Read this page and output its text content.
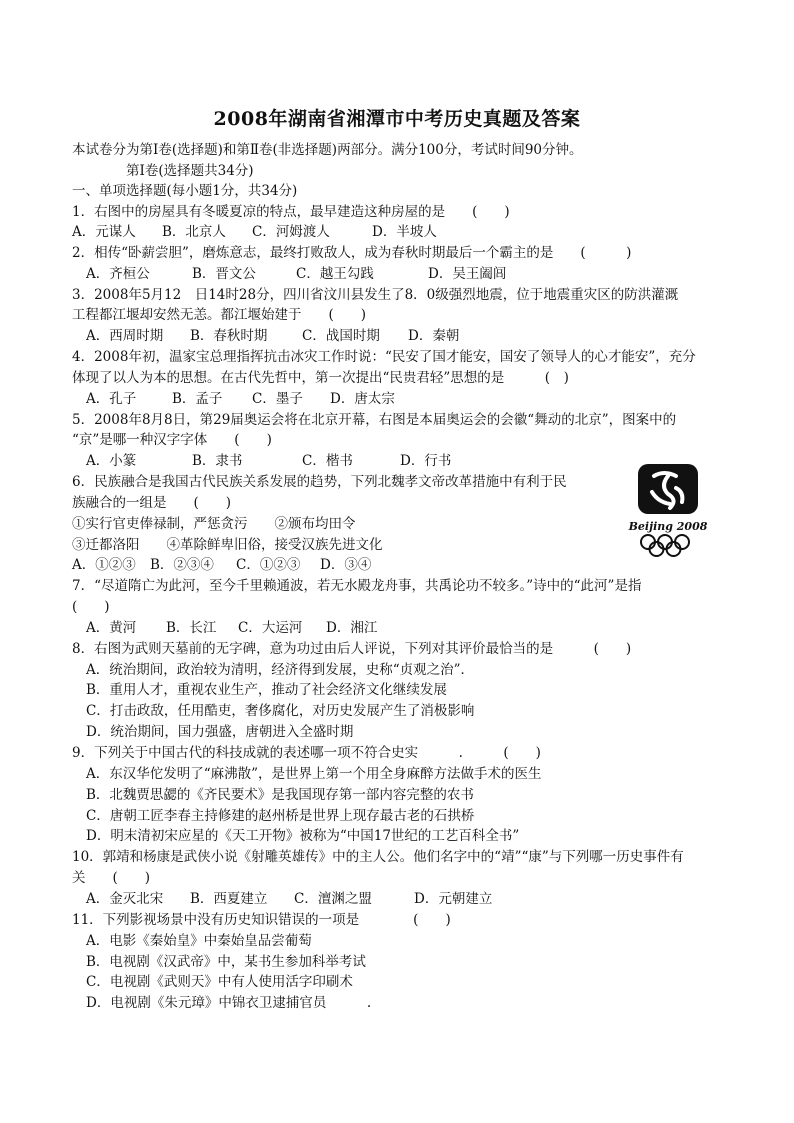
2008年湖南省湘潭市中考历史真题及答案
本试卷分为第Ⅰ卷(选择题)和第Ⅱ卷(非选择题)两部分。满分100分，考试时间90分钟。
第Ⅰ卷(选择题共34分)
一、单项选择题(每小题1分，共34分)
1．右图中的房屋具有冬暖夏凉的特点，最早建造这种房屋的是　　(　　)
A．元谋人 B．北京人 C．河姆渡人	D．半坡人
2．相传“卧薪尝胆”，磨炼意志，最终打败敌人，成为春秋时期最后一个霸主的是　　(　　　)
A．齐桓公	B．晋文公	C．越王勾践	D．吴王阖闾
3．2008年5月12　日14时28分，四川省汶川县发生了8．0级强烈地震，位于地震重灾区的防洪灌溉
工程都江堰却安然无恙。都江堰始建于　　(　　)
A．西周时期 B．春秋时期	C．战国时期 D．秦朝
4．2008年初，温家宝总理指挥抗击冰灾工作时说：“民安了国才能安，国安了领导人的心才能安”，充分
体现了以人为本的思想。在古代先哲中，第一次提出“民贵君轻”思想的是　　　(　)
A．孔子	B．孟子 C．墨子 D．唐太宗
5．2008年8月8日，第29届奥运会将在北京开幕，右图是本届奥运会的会徽“舞动的北京”，图案中的
“京”是哪一种汉字字体　　(　　)
A．小篆	B．隶书	C．楷书	D．行书
6．民族融合是我国古代民族关系发展的趋势，下列北魏孝文帝改革措施中有利于民
族融合的一组是　　(　　)
①实行官吏俸禄制，严惩贪污　　②颁布均田令
③迁都洛阳　　④革除鲜卑旧俗，接受汉族先进文化
A．①②③ B．②③④ C．①②③ D．③④
Beijing 2008
7．“尽道隋亡为此河，至今千里赖通波，若无水殿龙舟事，共禹论功不较多。”诗中的“此河”是指
(　　)
A．黄河 B．长江 C．大运河 D．湘江
8．右图为武则天墓前的无字碑，意为功过由后人评说，下列对其评价最恰当的是　　　(　　)
A．统治期间，政治较为清明，经济得到发展，史称“贞观之治”．
B．重用人才，重视农业生产，推动了社会经济文化继续发展
C．打击政敌，任用酷吏，奢侈腐化，对历史发展产生了消极影响
D．统治期间，国力强盛，唐朝进入全盛时期
9．下列关于中国古代的科技成就的表述哪一项不符合史实　　　.　　　(　　)
A．东汉华佗发明了“麻沸散”，是世界上第一个用全身麻醉方法做手术的医生
B．北魏贾思勰的《齐民要术》是我国现存第一部内容完整的农书
C．唐朝工匠李春主持修建的赵州桥是世界上现存最古老的石拱桥
D．明末清初宋应星的《天工开物》被称为“中国17世纪的工艺百科全书”
10．郭靖和杨康是武侠小说《射雕英雄传》中的主人公。他们名字中的“靖”“康”与下列哪一历史事件有
关　　(　　)
A．金灭北宋 B．西夏建立 C．澶渊之盟	D．元朝建立
11．下列影视场景中没有历史知识错误的一项是　　　　(　　)
A．电影《秦始皇》中秦始皇品尝葡萄
B．电视剧《汉武帝》中，某书生参加科举考试
C．电视剧《武则天》中有人使用活字印刷术
D．电视剧《朱元璋》中锦衣卫逮捕官员　　　.
